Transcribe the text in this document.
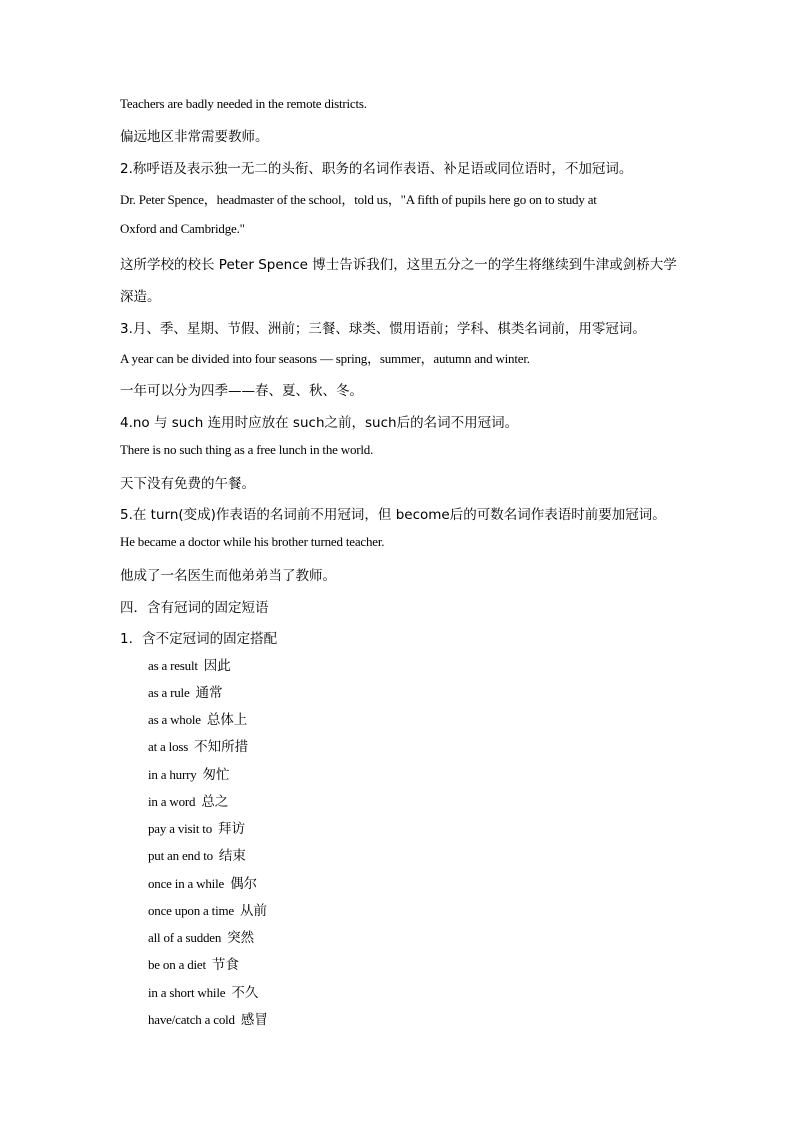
Teachers are badly needed in the remote districts.
偏远地区非常需要教师。
2.称呼语及表示独一无二的头衔、职务的名词作表语、补足语或同位语时，不加冠词。
Dr. Peter Spence，headmaster of the school，told us，"A fifth of pupils here go on to study at
Oxford and Cambridge."
这所学校的校长 Peter Spence 博士告诉我们，这里五分之一的学生将继续到牛津或剑桥大学
深造。
3.月、季、星期、节假、洲前；三餐、球类、惯用语前；学科、棋类名词前，用零冠词。
A year can be divided into four seasons — spring，summer，autumn and winter.
一年可以分为四季——春、夏、秋、冬。
4.no 与 such 连用时应放在 such之前，such后的名词不用冠词。
There is no such thing as a free lunch in the world.
天下没有免费的午餐。
5.在 turn(变成)作表语的名词前不用冠词，但 become后的可数名词作表语时前要加冠词。
He became a doctor while his brother turned teacher.
他成了一名医生而他弟弟当了教师。
四．含有冠词的固定短语
1．含不定冠词的固定搭配
as a result 因此
as a rule 通常
as a whole 总体上
at a loss 不知所措
in a hurry 匆忙
in a word 总之
pay a visit to 拜访
put an end to 结束
once in a while 偶尔
once upon a time 从前
all of a sudden 突然
be on a diet 节食
in a short while 不久
have/catch a cold 感冒
